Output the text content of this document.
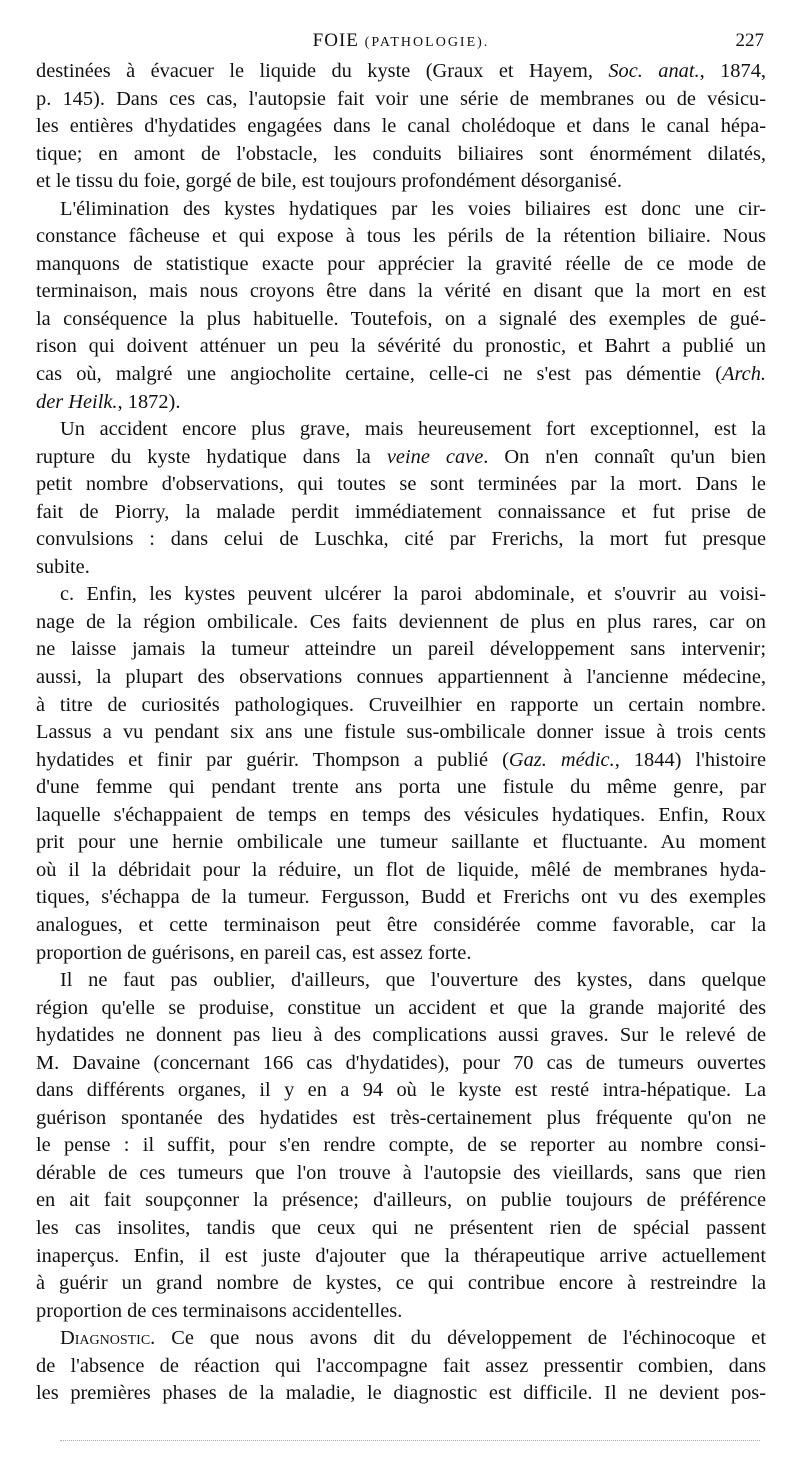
FOIE (PATHOLOGIE).	227
destinées à évacuer le liquide du kyste (Graux et Hayem, Soc. anat., 1874,
p. 145). Dans ces cas, l'autopsie fait voir une série de membranes ou de vésicu-
les entières d'hydatides engagées dans le canal cholédoque et dans le canal hépa-
tique; en amont de l'obstacle, les conduits biliaires sont énormément dilatés,
et le tissu du foie, gorgé de bile, est toujours profondément désorganisé.
L'élimination des kystes hydatiques par les voies biliaires est donc une cir-
constance fâcheuse et qui expose à tous les périls de la rétention biliaire. Nous
manquons de statistique exacte pour apprécier la gravité réelle de ce mode de
terminaison, mais nous croyons être dans la vérité en disant que la mort en est
la conséquence la plus habituelle. Toutefois, on a signalé des exemples de gué-
rison qui doivent atténuer un peu la sévérité du pronostic, et Bahrt a publié un
cas où, malgré une angiocholite certaine, celle-ci ne s'est pas démentie (Arch.
der Heilk., 1872).
Un accident encore plus grave, mais heureusement fort exceptionnel, est la
rupture du kyste hydatique dans la veine cave. On n'en connaît qu'un bien
petit nombre d'observations, qui toutes se sont terminées par la mort. Dans le
fait de Piorry, la malade perdit immédiatement connaissance et fut prise de
convulsions : dans celui de Luschka, cité par Frerichs, la mort fut presque
subite.
c. Enfin, les kystes peuvent ulcérer la paroi abdominale, et s'ouvrir au voisi-
nage de la région ombilicale. Ces faits deviennent de plus en plus rares, car on
ne laisse jamais la tumeur atteindre un pareil développement sans intervenir;
aussi, la plupart des observations connues appartiennent à l'ancienne médecine,
à titre de curiosités pathologiques. Cruveilhier en rapporte un certain nombre.
Lassus a vu pendant six ans une fistule sus-ombilicale donner issue à trois cents
hydatides et finir par guérir. Thompson a publié (Gaz. médic., 1844) l'histoire
d'une femme qui pendant trente ans porta une fistule du même genre, par
laquelle s'échappaient de temps en temps des vésicules hydatiques. Enfin, Roux
prit pour une hernie ombilicale une tumeur saillante et fluctuante. Au moment
où il la débridait pour la réduire, un flot de liquide, mêlé de membranes hyda-
tiques, s'échappa de la tumeur. Fergusson, Budd et Frerichs ont vu des exemples
analogues, et cette terminaison peut être considérée comme favorable, car la
proportion de guérisons, en pareil cas, est assez forte.
Il ne faut pas oublier, d'ailleurs, que l'ouverture des kystes, dans quelque
région qu'elle se produise, constitue un accident et que la grande majorité des
hydatides ne donnent pas lieu à des complications aussi graves. Sur le relevé de
M. Davaine (concernant 166 cas d'hydatides), pour 70 cas de tumeurs ouvertes
dans différents organes, il y en a 94 où le kyste est resté intra-hépatique. La
guérison spontanée des hydatides est très-certainement plus fréquente qu'on ne
le pense : il suffit, pour s'en rendre compte, de se reporter au nombre consi-
dérable de ces tumeurs que l'on trouve à l'autopsie des vieillards, sans que rien
en ait fait soupçonner la présence; d'ailleurs, on publie toujours de préférence
les cas insolites, tandis que ceux qui ne présentent rien de spécial passent
inaperçus. Enfin, il est juste d'ajouter que la thérapeutique arrive actuellement
à guérir un grand nombre de kystes, ce qui contribue encore à restreindre la
proportion de ces terminaisons accidentelles.
Diagnostic. Ce que nous avons dit du développement de l'échinocoque et
de l'absence de réaction qui l'accompagne fait assez pressentir combien, dans
les premières phases de la maladie, le diagnostic est difficile. Il ne devient pos-
